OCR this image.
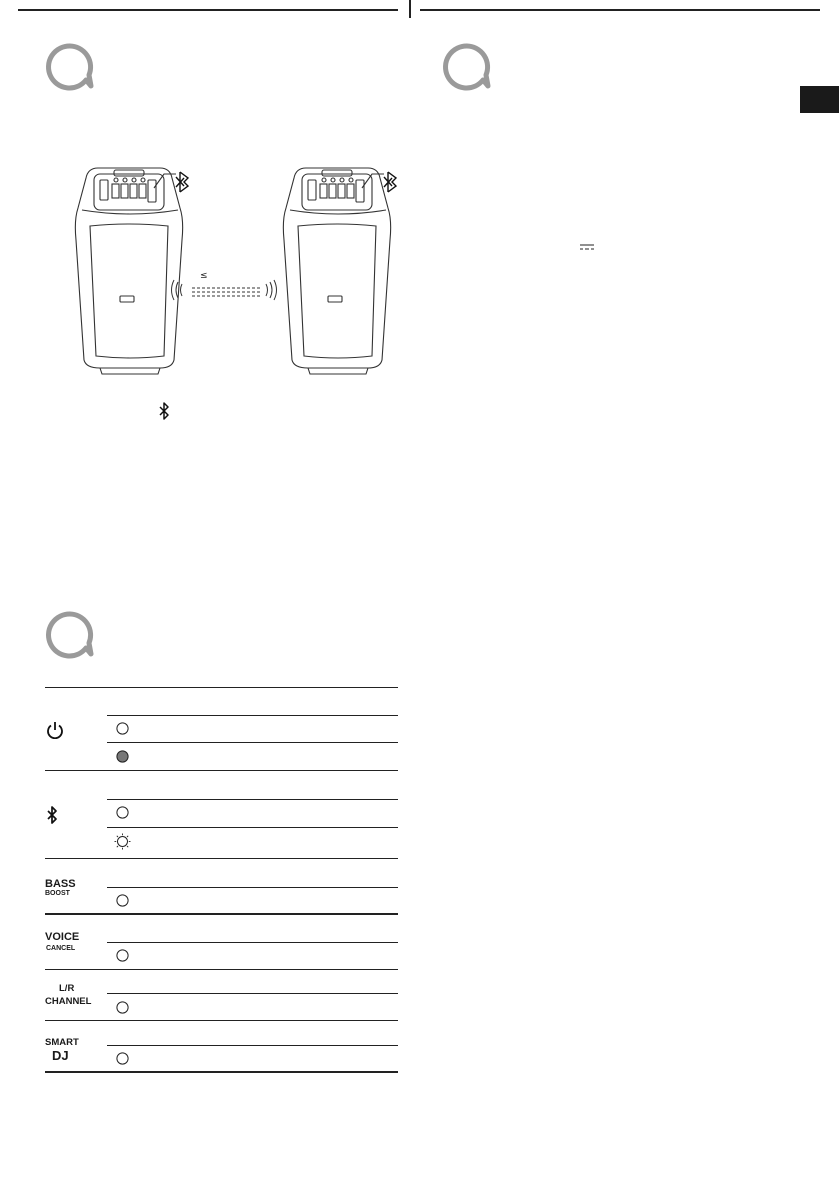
≤
BASS
BOOST
VOICE
CANCEL
L/R
CHANNEL
SMART
DJ
